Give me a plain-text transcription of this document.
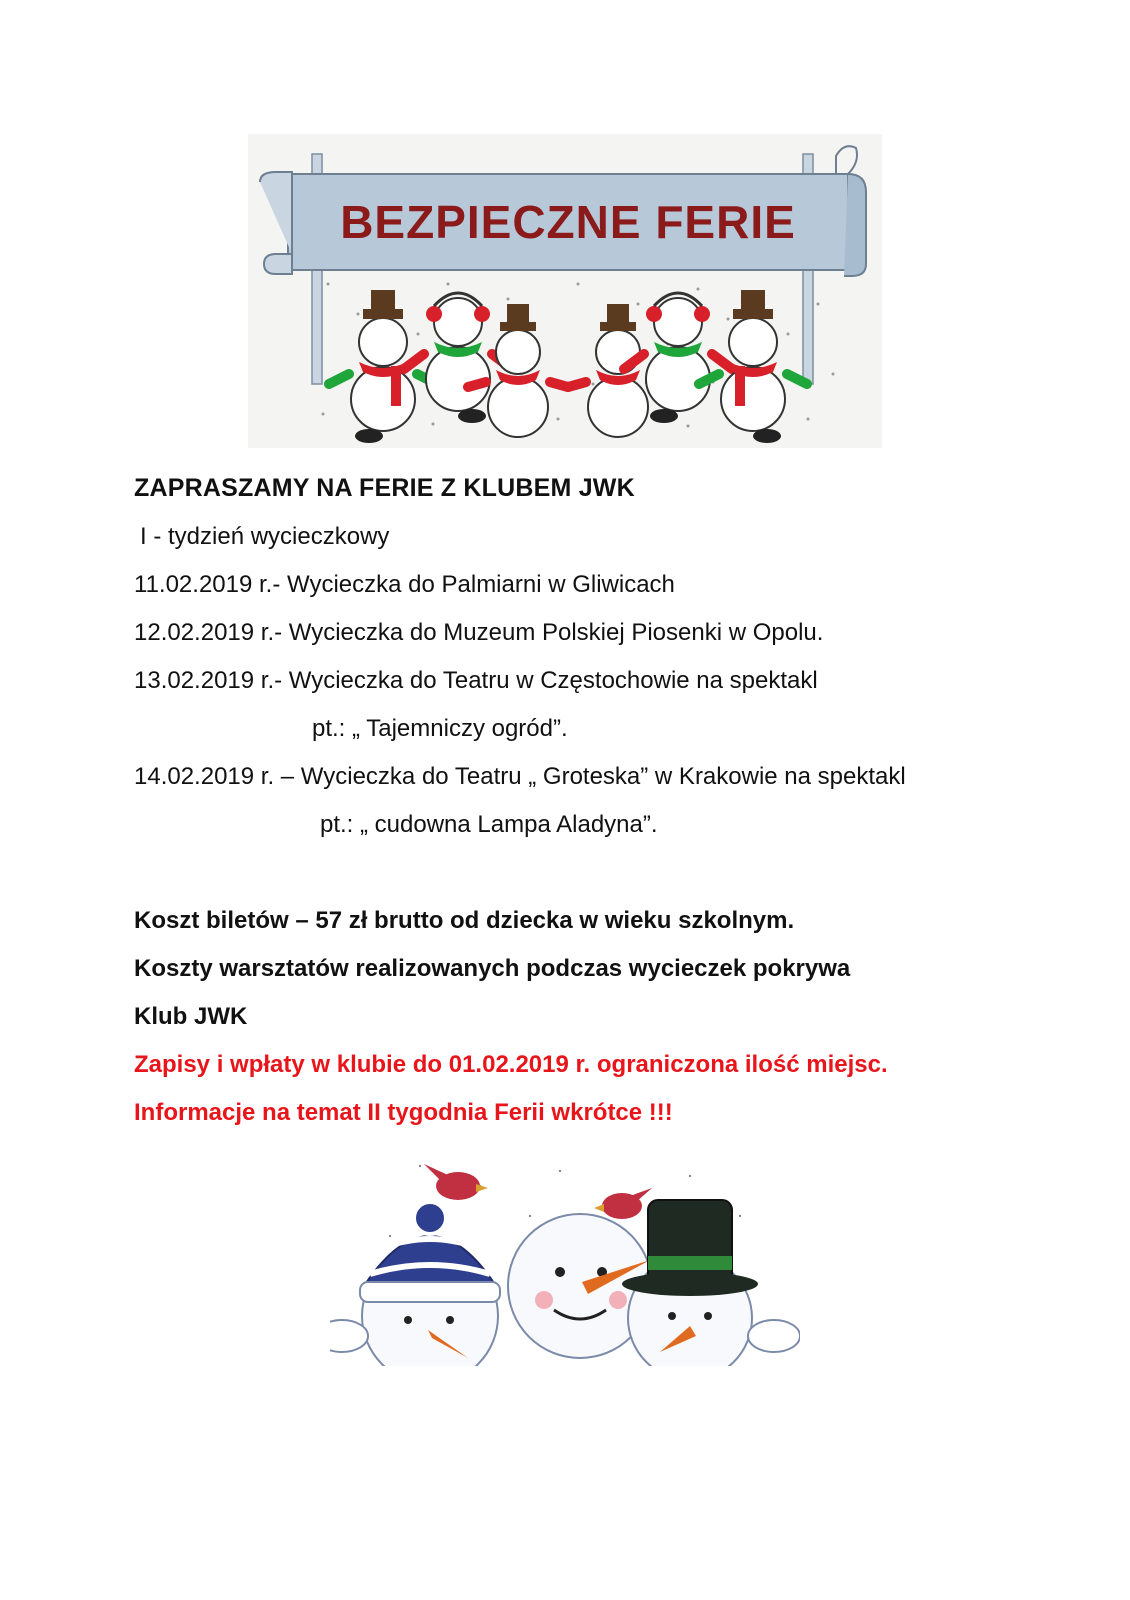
BEZPIECZNE FERIE
ZAPRASZAMY NA FERIE Z KLUBEM JWK
I - tydzień wycieczkowy
11.02.2019 r.- Wycieczka do Palmiarni w Gliwicach
12.02.2019 r.- Wycieczka do Muzeum Polskiej Piosenki w Opolu.
13.02.2019 r.- Wycieczka do Teatru w Częstochowie na spektakl
pt.: „ Tajemniczy ogród”.
14.02.2019 r. – Wycieczka do Teatru „ Groteska” w Krakowie na spektakl
pt.: „ cudowna Lampa Aladyna”.
Koszt biletów – 57 zł brutto od dziecka w wieku szkolnym.
Koszty warsztatów realizowanych podczas wycieczek pokrywa
Klub JWK
Zapisy i wpłaty w klubie do 01.02.2019 r. ograniczona ilość miejsc.
Informacje na temat II tygodnia Ferii wkrótce !!!
